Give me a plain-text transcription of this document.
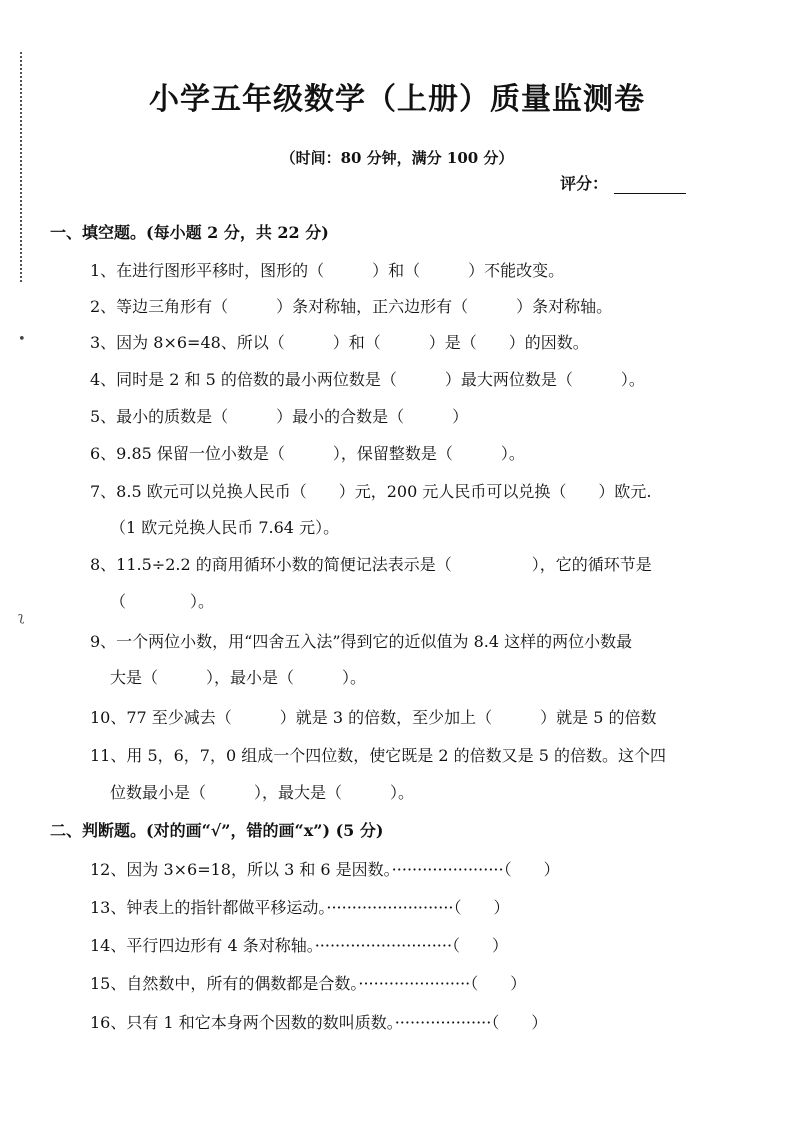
•
ʅ
小学五年级数学（上册）质量监测卷
（时间：80 分钟，满分 100 分）
评分：
一、填空题。(每小题 2 分，共 22 分)
1、在进行图形平移时，图形的（　　　）和（　　　）不能改变。
2、等边三角形有（　　　）条对称轴，正六边形有（　　　）条对称轴。
3、因为 8×6=48、所以（　　　）和（　　　）是（　　）的因数。
4、同时是 2 和 5 的倍数的最小两位数是（　　　）最大两位数是（　　　）。
5、最小的质数是（　　　）最小的合数是（　　　）
6、9.85 保留一位小数是（　　　），保留整数是（　　　）。
7、8.5 欧元可以兑换人民币（　　）元，200 元人民币可以兑换（　　）欧元.
（1 欧元兑换人民币 7.64 元）。
8、11.5÷2.2 的商用循环小数的简便记法表示是（　　　　　），它的循环节是
（　　　　）。
9、一个两位小数，用“四舍五入法”得到它的近似值为 8.4 这样的两位小数最
大是（　　　），最小是（　　　）。
10、77 至少减去（　　　）就是 3 的倍数，至少加上（　　　）就是 5 的倍数
11、用 5，6，7，0 组成一个四位数，使它既是 2 的倍数又是 5 的倍数。这个四
位数最小是（　　　），最大是（　　　）。
二、判断题。(对的画“√”，错的画“x”) (5 分)
12、因为 3×6=18，所以 3 和 6 是因数。······················（　　）
13、钟表上的指针都做平移运动。·························（　　）
14、平行四边形有 4 条对称轴。···························（　　）
15、自然数中，所有的偶数都是合数。······················（　　）
16、只有 1 和它本身两个因数的数叫质数。···················（　　）
